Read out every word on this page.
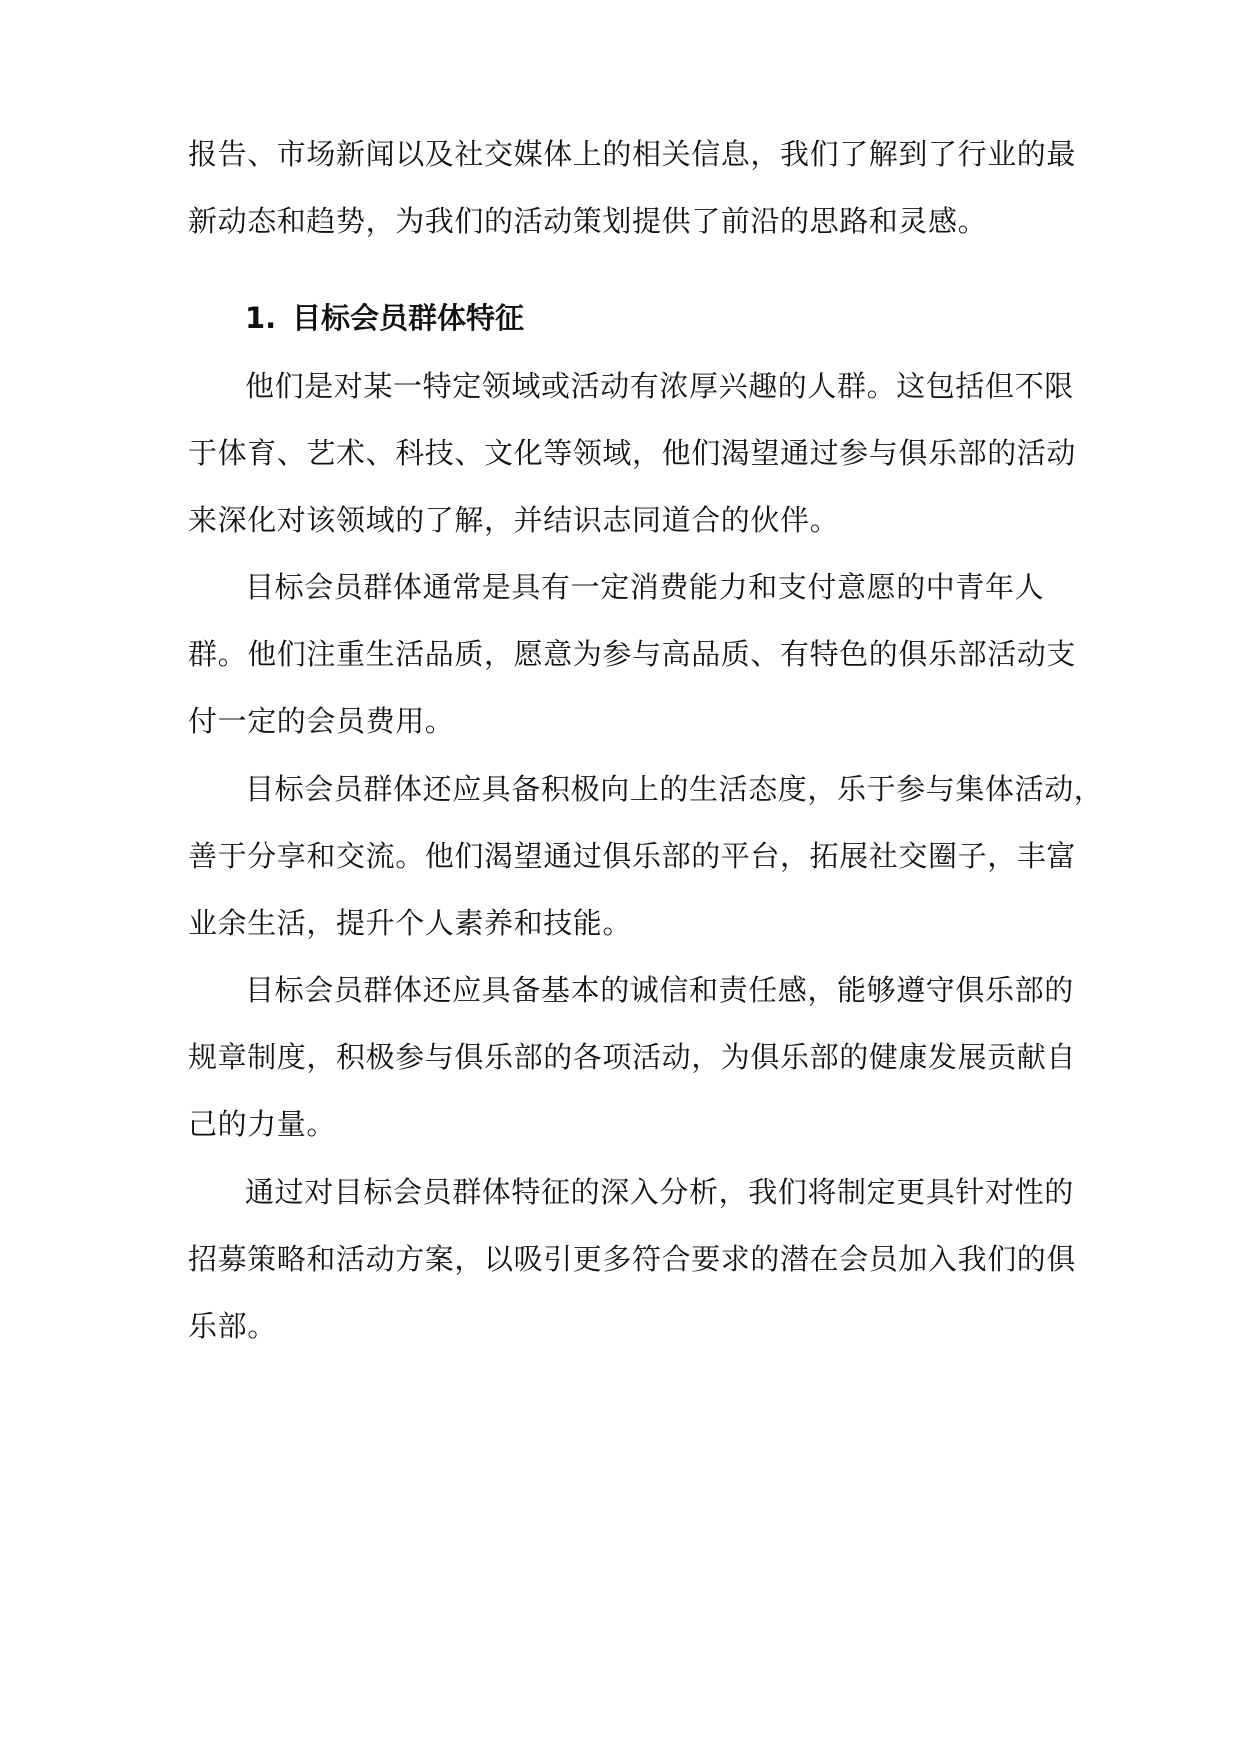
报告、市场新闻以及社交媒体上的相关信息，我们了解到了行业的最
新动态和趋势，为我们的活动策划提供了前沿的思路和灵感。
1. 目标会员群体特征
他们是对某一特定领域或活动有浓厚兴趣的人群。这包括但不限
于体育、艺术、科技、文化等领域，他们渴望通过参与俱乐部的活动
来深化对该领域的了解，并结识志同道合的伙伴。
目标会员群体通常是具有一定消费能力和支付意愿的中青年人
群。他们注重生活品质，愿意为参与高品质、有特色的俱乐部活动支
付一定的会员费用。
目标会员群体还应具备积极向上的生活态度，乐于参与集体活动，
善于分享和交流。他们渴望通过俱乐部的平台，拓展社交圈子，丰富
业余生活，提升个人素养和技能。
目标会员群体还应具备基本的诚信和责任感，能够遵守俱乐部的
规章制度，积极参与俱乐部的各项活动，为俱乐部的健康发展贡献自
己的力量。
通过对目标会员群体特征的深入分析，我们将制定更具针对性的
招募策略和活动方案，以吸引更多符合要求的潜在会员加入我们的俱
乐部。
